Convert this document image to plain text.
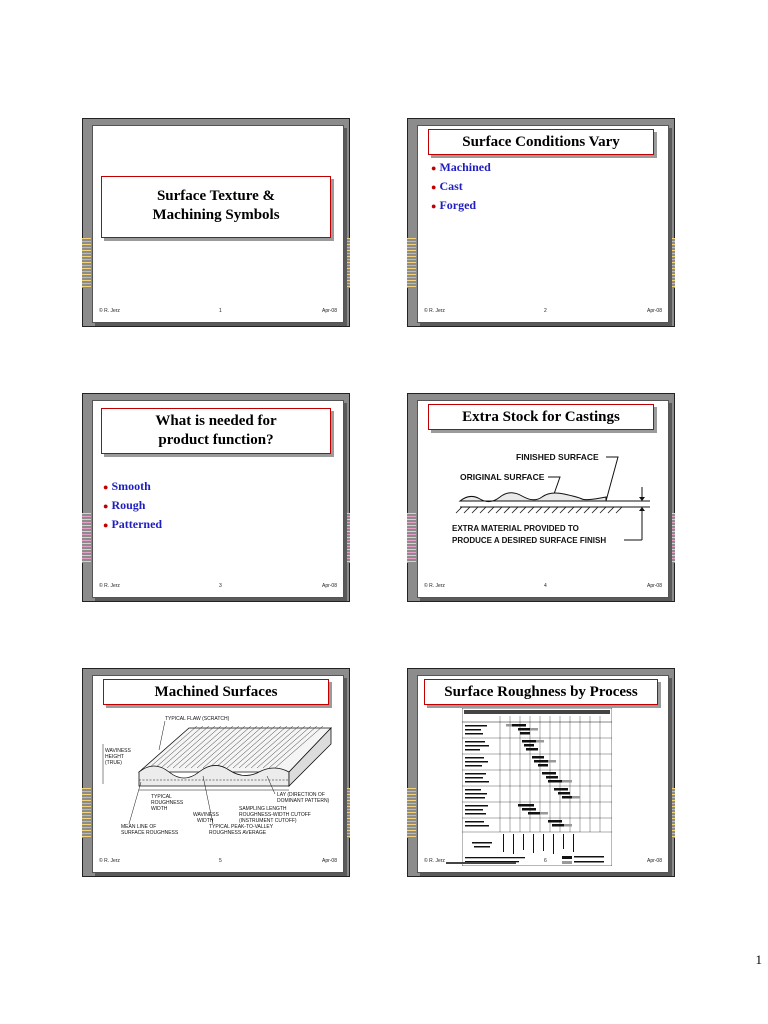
Surface Texture &
Machining Symbols
© R. Jerz	1	Apr-08
Surface Conditions Vary
● Machined
● Cast
● Forged
© R. Jerz	2	Apr-08
What is needed for
product function?
● Smooth
● Rough
● Patterned
© R. Jerz	3	Apr-08
Extra Stock for Castings
FINISHED SURFACE
ORIGINAL SURFACE
EXTRA MATERIAL PROVIDED TO
PRODUCE A DESIRED SURFACE FINISH
© R. Jerz	4	Apr-08
Machined Surfaces
TYPICAL FLAW (SCRATCH)
WAVINESS
HEIGHT
(TRUE)
LAY (DIRECTION OF
DOMINANT PATTERN)
TYPICAL
ROUGHNESS
WIDTH	SAMPLING LENGTH
ROUGHNESS-WIDTH CUTOFF
(INSTRUMENT CUTOFF)
WAVINESS
WIDTH
MEAN LINE OF
SURFACE ROUGHNESS
TYPICAL PEAK-TO-VALLEY
ROUGHNESS AVERAGE
© R. Jerz	5	Apr-08
Surface Roughness by Process
© R. Jerz	6	Apr-08
1
